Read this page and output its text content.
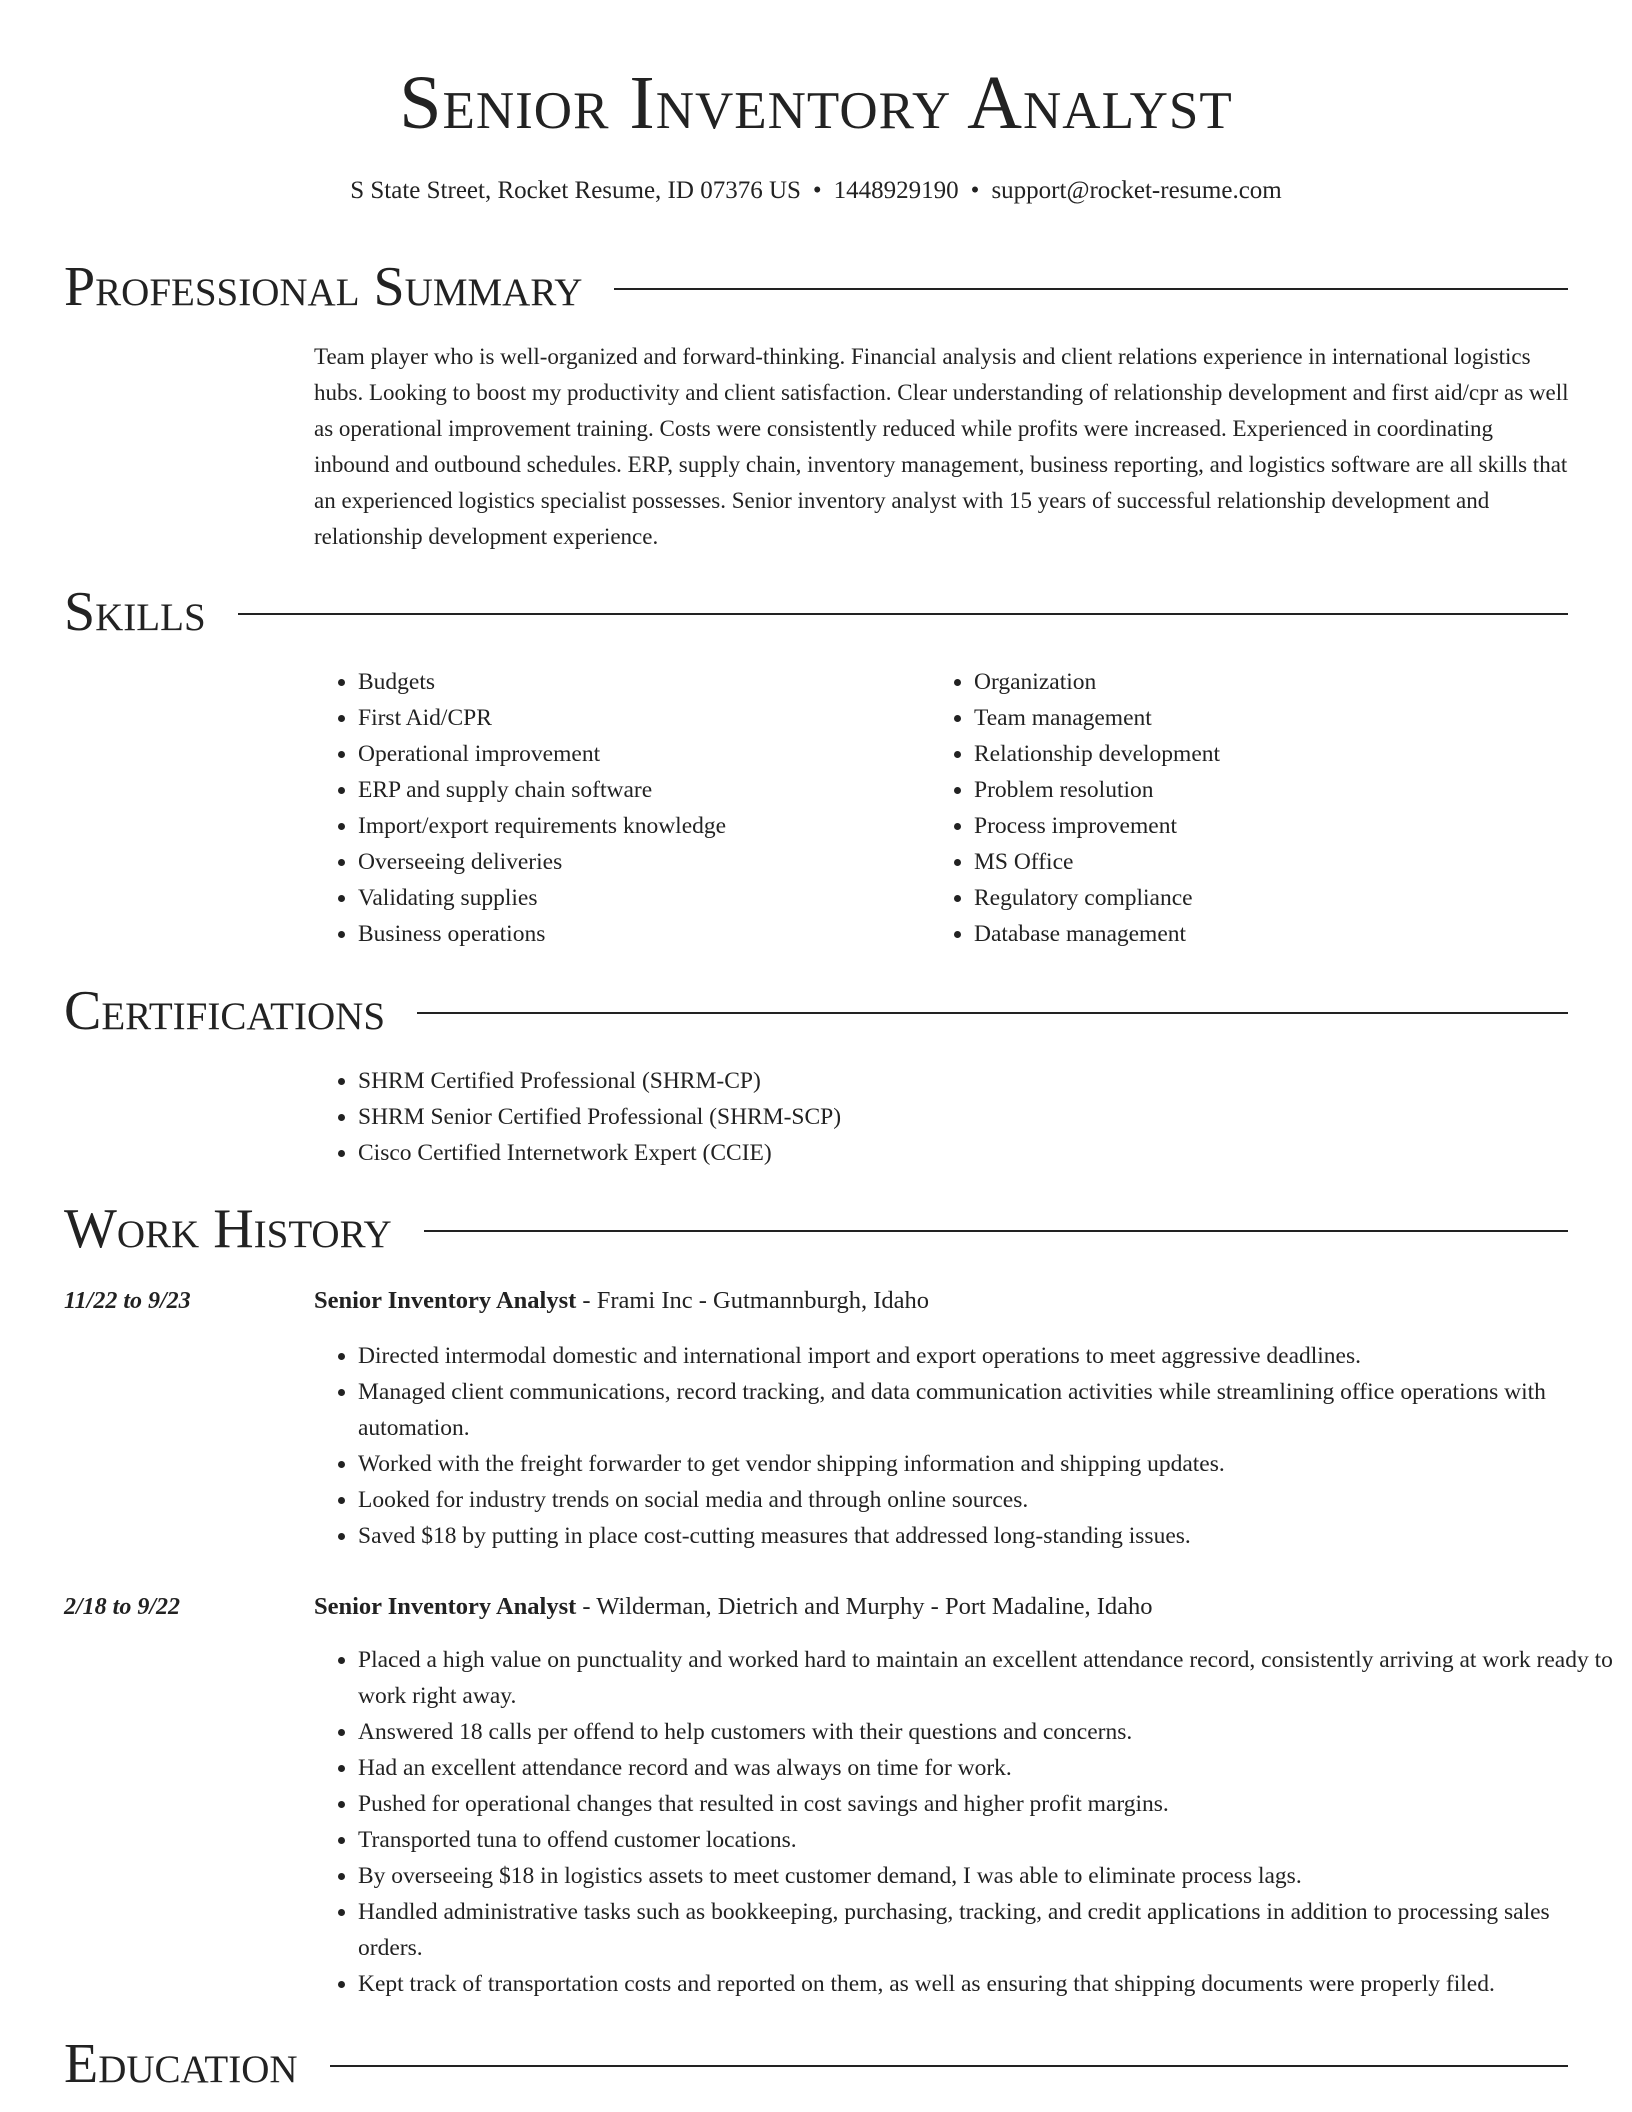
Senior Inventory Analyst
S State Street, Rocket Resume, ID 07376 US • 1448929190 • support@rocket-resume.com
Professional Summary

Team player who is well-organized and forward-thinking. Financial analysis and client relations experience in international logistics hubs. Looking to boost my productivity and client satisfaction. Clear understanding of relationship development and first aid/cpr as well as operational improvement training. Costs were consistently reduced while profits were increased. Experienced in coordinating inbound and outbound schedules. ERP, supply chain, inventory management, business reporting, and logistics software are all skills that an experienced logistics specialist possesses. Senior inventory analyst with 15 years of successful relationship development and relationship development experience.

Skills
• Budgets
• First Aid/CPR
• Operational improvement
• ERP and supply chain software
• Import/export requirements knowledge
• Overseeing deliveries
• Validating supplies
• Business operations
• Organization
• Team management
• Relationship development
• Problem resolution
• Process improvement
• MS Office
• Regulatory compliance
• Database management
Certifications
• SHRM Certified Professional (SHRM-CP)
• SHRM Senior Certified Professional (SHRM-SCP)
• Cisco Certified Internetwork Expert (CCIE)
Work History
11/22 to 9/23	Senior Inventory Analyst - Frami Inc - Gutmannburgh, Idaho
• Directed intermodal domestic and international import and export operations to meet aggressive deadlines.
• Managed client communications, record tracking, and data communication activities while streamlining office operations with automation.
• Worked with the freight forwarder to get vendor shipping information and shipping updates.
• Looked for industry trends on social media and through online sources.
• Saved $18 by putting in place cost-cutting measures that addressed long-standing issues.
2/18 to 9/22	Senior Inventory Analyst - Wilderman, Dietrich and Murphy - Port Madaline, Idaho
• Placed a high value on punctuality and worked hard to maintain an excellent attendance record, consistently arriving at work ready to work right away.
• Answered 18 calls per offend to help customers with their questions and concerns.
• Had an excellent attendance record and was always on time for work.
• Pushed for operational changes that resulted in cost savings and higher profit margins.
• Transported tuna to offend customer locations.
• By overseeing $18 in logistics assets to meet customer demand, I was able to eliminate process lags.
• Handled administrative tasks such as bookkeeping, purchasing, tracking, and credit applications in addition to processing sales orders.
• Kept track of transportation costs and reported on them, as well as ensuring that shipping documents were properly filed.
Education
